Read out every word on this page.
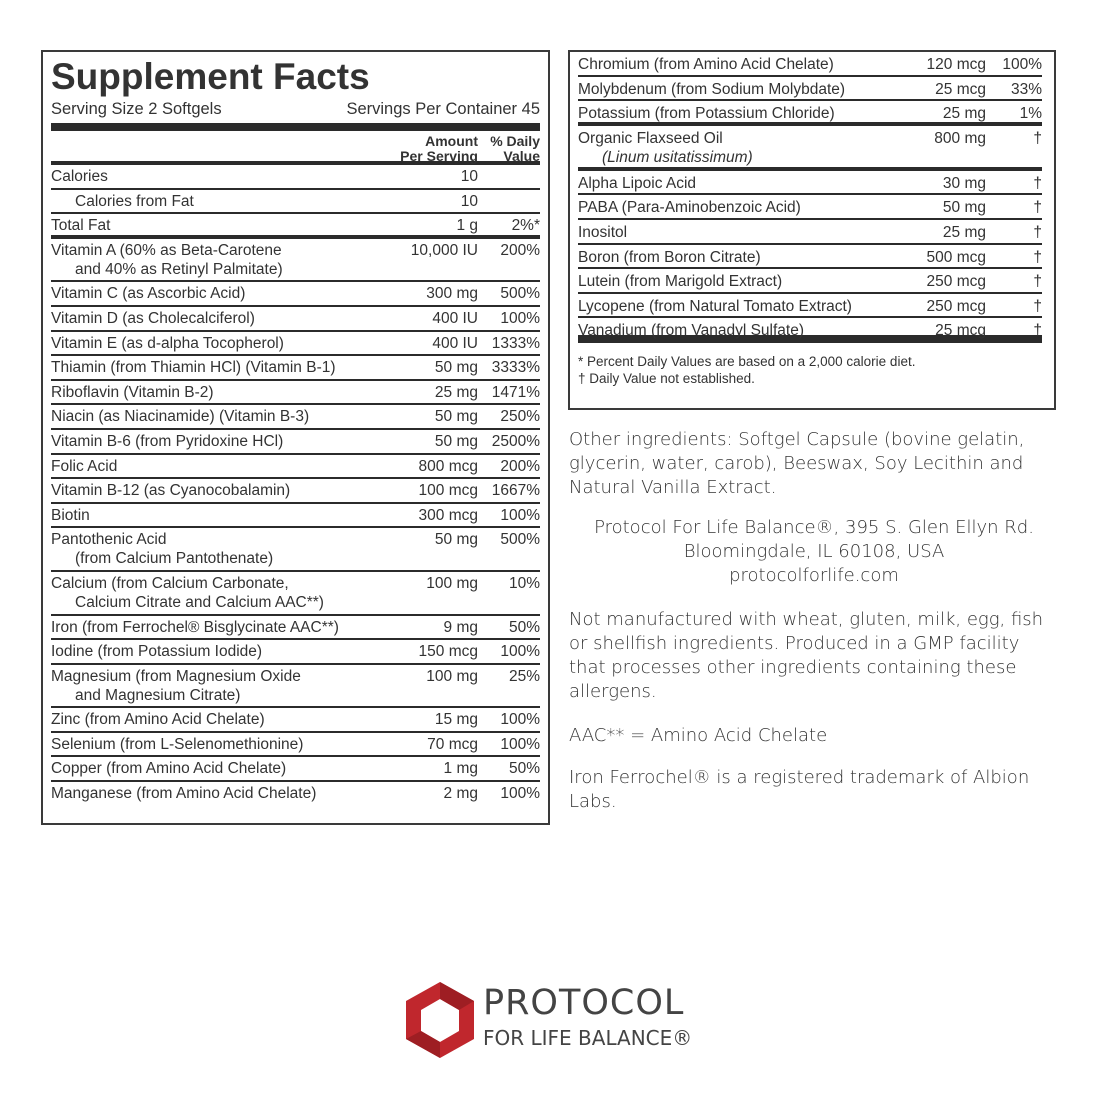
Supplement Facts
Serving Size 2 Softgels	Servings Per Container 45
Amount
Per Serving
% Daily
Value
Calories	10
Calories from Fat	10
Total Fat	1 g	2%*
Vitamin A (60% as Beta-Carotene
and 40% as Retinyl Palmitate)
10,000 IU	200%
Vitamin C (as Ascorbic Acid)	300 mg	500%
Vitamin D (as Cholecalciferol)	400 IU	100%
Vitamin E (as d-alpha Tocopherol)	400 IU 1333%
Thiamin (from Thiamin HCl) (Vitamin B-1)	50 mg 3333%
Riboflavin (Vitamin B-2)	25 mg 1471%
Niacin (as Niacinamide) (Vitamin B-3)	50 mg	250%
Vitamin B-6 (from Pyridoxine HCl)	50 mg 2500%
Folic Acid	800 mcg	200%
Vitamin B-12 (as Cyanocobalamin)	100 mcg 1667%
Biotin	300 mcg	100%
Pantothenic Acid
(from Calcium Pantothenate)
50 mg	500%
Calcium (from Calcium Carbonate,
Calcium Citrate and Calcium AAC**)
100 mg	10%
Iron (from Ferrochel® Bisglycinate AAC**)	9 mg	50%
Iodine (from Potassium Iodide)	150 mcg	100%
Magnesium (from Magnesium Oxide
and Magnesium Citrate)
100 mg	25%
Zinc (from Amino Acid Chelate)	15 mg	100%
Selenium (from L-Selenomethionine)	70 mcg	100%
Copper (from Amino Acid Chelate)	1 mg	50%
Manganese (from Amino Acid Chelate)	2 mg	100%
Chromium (from Amino Acid Chelate)	120 mcg	100%
Molybdenum (from Sodium Molybdate)	25 mcg	33%
Potassium (from Potassium Chloride)	25 mg	1%
Organic Flaxseed Oil
(Linum usitatissimum)
800 mg	†
Alpha Lipoic Acid	30 mg	†
PABA (Para-Aminobenzoic Acid)	50 mg	†
Inositol	25 mg	†
Boron (from Boron Citrate)	500 mcg	†
Lutein (from Marigold Extract)	250 mcg	†
Lycopene (from Natural Tomato Extract)	250 mcg	†
Vanadium (from Vanadyl Sulfate)	25 mcg	†
* Percent Daily Values are based on a 2,000 calorie diet.
† Daily Value not established.

Other ingredients: Softgel Capsule (bovine gelatin, glycerin, water, carob), Beeswax, Soy Lecithin and Natural Vanilla Extract.

Protocol For Life Balance®, 395 S. Glen Ellyn Rd.

Bloomingdale, IL 60108, USA

protocolforlife.com

Not manufactured with wheat, gluten, milk, egg, fish or shellfish ingredients. Produced in a GMP facility that processes other ingredients containing these allergens.

AAC** = Amino Acid Chelate

Iron Ferrochel® is a registered trademark of Albion Labs.

PROTOCOL
FOR LIFE BALANCE®
